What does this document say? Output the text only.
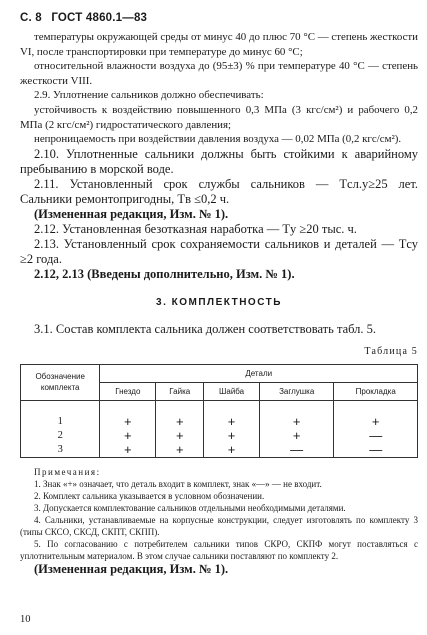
С. 8 ГОСТ 4860.1—83

температуры окружающей среды от минус 40 до плюс 70 °C — степень жесткости VI, после транспортировки при температуре до минус 60 °C;

относительной влажности воздуха до (95±3) % при температуре 40 °C — степень жесткости VIII.

2.9. Уплотнение сальников должно обеспечивать:

устойчивость к воздействию повышенного 0,3 МПа (3 кгс/см²) и рабочего 0,2 МПа (2 кгс/см²) гидростатического давления;

непроницаемость при воздействии давления воздуха — 0,02 МПа (0,2 кгс/см²).

2.10. Уплотненные сальники должны быть стойкими к аварийному пребыванию в морской воде.

2.11. Установленный срок службы сальников — Tсл.у≥25 лет. Сальники ремонтопригодны, Tв ≤0,2 ч.

(Измененная редакция, Изм. № 1).

2.12. Установленная безотказная наработка — Tу ≥20 тыс. ч.

2.13. Установленный срок сохраняемости сальников и деталей — Tсу ≥2 года.

2.12, 2.13 (Введены дополнительно, Изм. № 1).

3. КОМПЛЕКТНОСТЬ

3.1. Состав комплекта сальника должен соответствовать табл. 5.

Таблица 5

Обозначение комплекта	Детали				
	Гнездо	Гайка	Шайба	Заглушка	Прокладка

1	+	+	+	+	+
2	+	+	+	+	—
3	+	+	+	—	—

Примечания:

1. Знак «+» означает, что деталь входит в комплект, знак «—» — не входит.

2. Комплект сальника указывается в условном обозначении.

3. Допускается комплектование сальников отдельными необходимыми деталями.

4. Сальники, устанавливаемые на корпусные конструкции, следует изготовлять по комплекту 3 (типы СКСО, СКСД, СКПТ, СКПП).

5. По согласованию с потребителем сальники типов СКРО, СКПФ могут поставляться с уплотнительным материалом. В этом случае сальники поставляют по комплекту 2.

(Измененная редакция, Изм. № 1).

10
